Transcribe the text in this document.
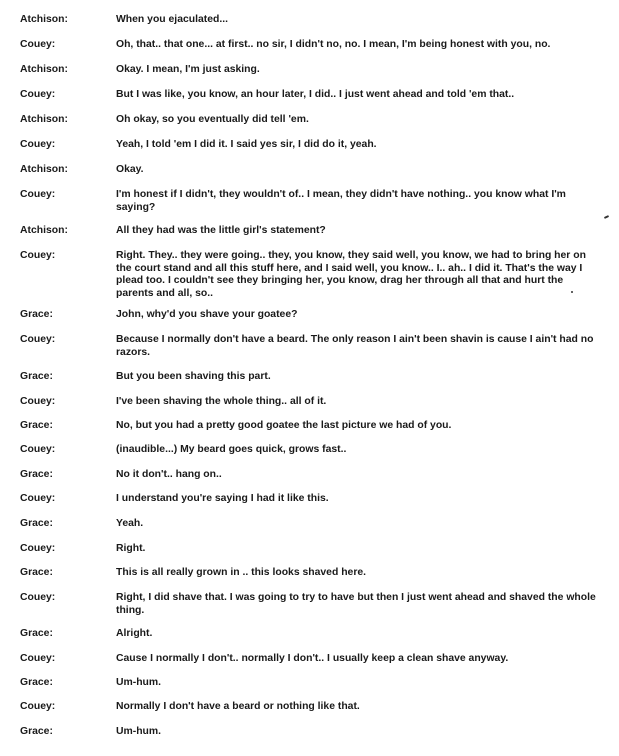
Atchison:	When you ejaculated...
Couey:	Oh, that.. that one... at first.. no sir, I didn't no, no. I mean, I'm being honest with you, no.
Atchison:	Okay. I mean, I'm just asking.
Couey:	But I was like, you know, an hour later, I did.. I just went ahead and told 'em that..
Atchison:	Oh okay, so you eventually did tell 'em.
Couey:	Yeah, I told 'em I did it. I said yes sir, I did do it, yeah.
Atchison:	Okay.
Couey:	I'm honest if I didn't, they wouldn't of.. I mean, they didn't have nothing.. you know what I'm saying?
Atchison:	All they had was the little girl's statement?
Couey:	Right. They.. they were going.. they, you know, they said well, you know, we had to bring her on the court stand and all this stuff here, and I said well, you know.. I.. ah.. I did it. That's the way I plead too. I couldn't see they bringing her, you know, drag her through all that and hurt the parents and all, so..
Grace:	John, why'd you shave your goatee?
Couey:	Because I normally don't have a beard. The only reason I ain't been shavin is cause I ain't had no razors.
Grace:	But you been shaving this part.
Couey:	I've been shaving the whole thing.. all of it.
Grace:	No, but you had a pretty good goatee the last picture we had of you.
Couey:	(inaudible...) My beard goes quick, grows fast..
Grace:	No it don't.. hang on..
Couey:	I understand you're saying I had it like this.
Grace:	Yeah.
Couey:	Right.
Grace:	This is all really grown in .. this looks shaved here.
Couey:	Right, I did shave that. I was going to try to have but then I just went ahead and shaved the whole thing.
Grace:	Alright.
Couey:	Cause I normally I don't.. normally I don't.. I usually keep a clean shave anyway.
Grace:	Um-hum.
Couey:	Normally I don't have a beard or nothing like that.
Grace:	Um-hum.
